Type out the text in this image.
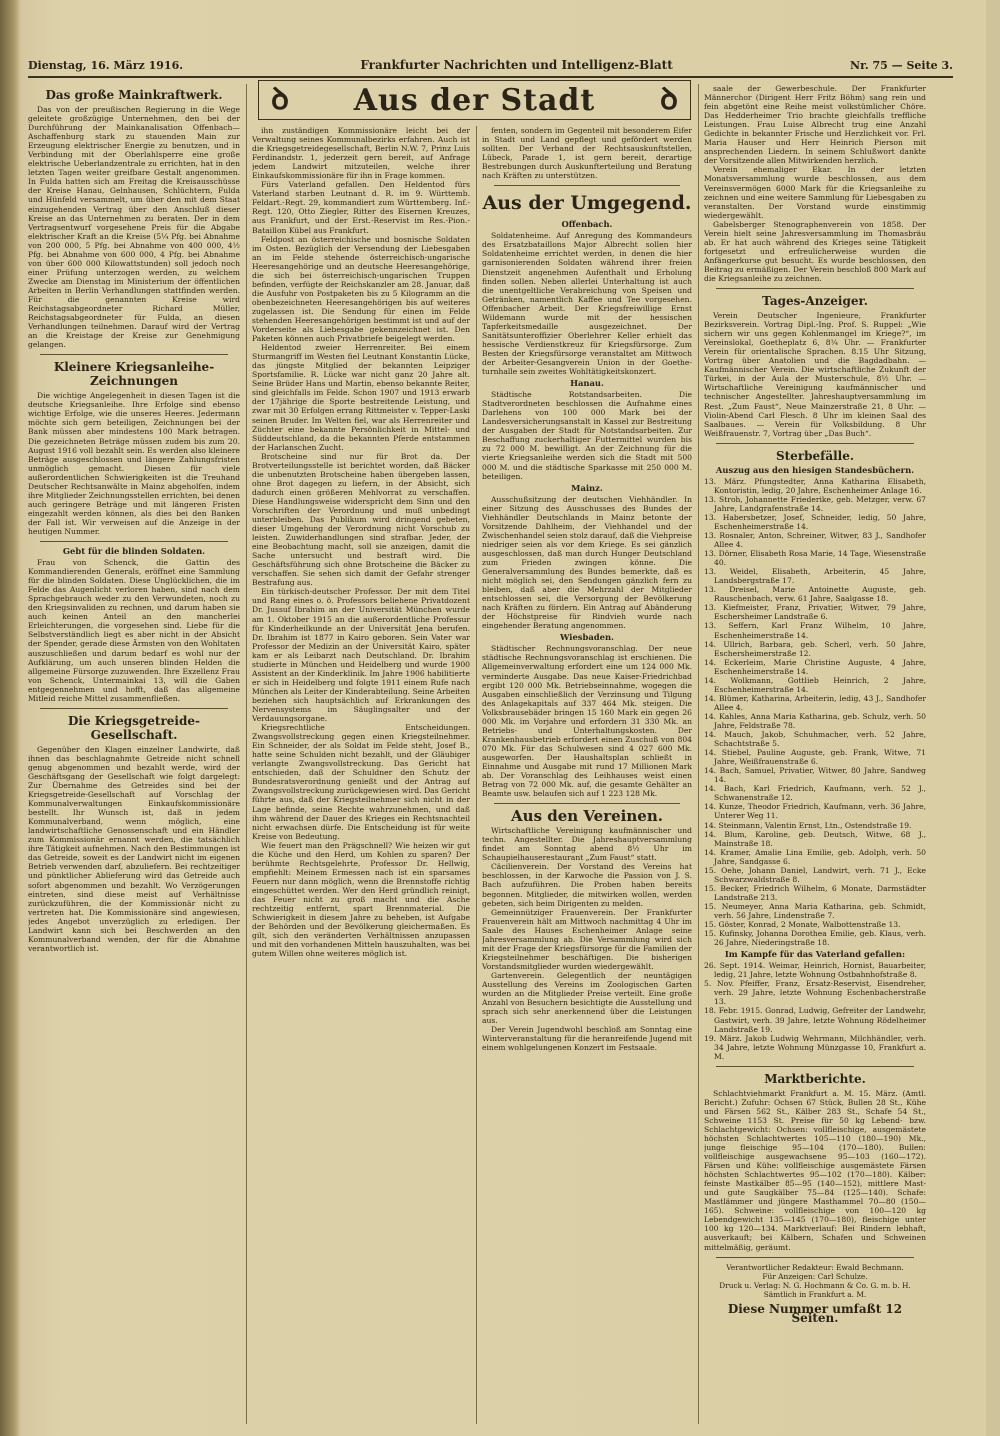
Dienstag, 16. März 1916.	Frankfurter Nachrichten und Intelligenz-Blatt	Nr. 75 — Seite 3.
ꝺ Aus der Stadt ꝺ
Das große Mainkraftwerk.

Das von der preußischen Regierung in die Wege geleitete großzügige Unternehmen, den bei der Durchführung der Mainkanalisation Offenbach—Aschaffenburg stark zu stauenden Main zur Erzeugung elektrischer Energie zu benutzen, und in Verbindung mit der Oberlahlsperre eine große elektrische Ueberlandzentrale zu errichten, hat in den letzten Tagen weiter greifbare Gestalt angenommen. In Fulda hatten sich am Freitag die Kreisausschüsse der Kreise Hanau, Gelnhausen, Schlüchtern, Fulda und Hünfeld versammelt, um über den mit dem Staat einzugehenden Vertrag über den Anschluß dieser Kreise an das Unternehmen zu beraten. Der in dem Vertragsentwurf vorgesehene Preis für die Abgabe elektrischer Kraft an die Kreise (5¼ Pfg. bei Abnahme von 200 000, 5 Pfg. bei Abnahme von 400 000, 4½ Pfg. bei Abnahme von 600 000, 4 Pfg. bei Abnahme von über 600 000 Kilowattstunden) soll jedoch noch einer Prüfung unterzogen werden, zu welchem Zwecke am Dienstag im Ministerium der öffentlichen Arbeiten in Berlin Verhandlungen stattfinden werden. Für die genannten Kreise wird Reichstagsabgeordneter Richard Müller, Reichstagsabgeordneter für Fulda, an diesen Verhandlungen teilnehmen. Darauf wird der Vertrag an die Kreistage der Kreise zur Genehmigung gelangen.

Kleinere Kriegsanleihe-Zeichnungen

Die wichtige Angelegenheit in diesen Tagen ist die deutsche Kriegsanleihe. Ihre Erfolge sind ebenso wichtige Erfolge, wie die unseres Heeres. Jedermann möchte sich gern beteiligen, Zeichnungen bei der Bank müssen aber mindestens 100 Mark betragen. Die gezeichneten Beträge müssen zudem bis zum 20. August 1916 voll bezahlt sein. Es werden also kleinere Beträge ausgeschlossen und längere Zahlungsfristen unmöglich gemacht. Diesen für viele außerordentlichen Schwierigkeiten ist die Treuhand Deutscher Rechtsanwälte in Mainz abgeholfen, indem ihre Mitglieder Zeichnungsstellen errichten, bei denen auch geringere Beträge und mit längeren Fristen eingezahlt werden können, als dies bei den Banken der Fall ist. Wir verweisen auf die Anzeige in der heutigen Nummer.

Gebt für die blinden Soldaten.

Frau von Schenck, die Gattin des Kommandierenden Generals, eröffnet eine Sammlung für die blinden Soldaten. Diese Unglücklichen, die im Felde das Augenlicht verloren haben, sind nach dem Sprachgebrauch weder zu den Verwundeten, noch zu den Kriegsinvaliden zu rechnen, und darum haben sie auch keinen Anteil an den mancherlei Erleichterungen, die vorgesehen sind. Liebe für die Selbstverständlich liegt es aber nicht in der Absicht der Spender, gerade diese Ärmsten von den Wohltaten auszuschließen und darum bedarf es wohl nur der Aufklärung, um auch unseren blinden Helden die allgemeine Fürsorge zuzuwenden. Ihre Exzellenz Frau von Schenck, Untermainkai 13, will die Gaben entgegennehmen und hofft, daß das allgemeine Mitleid reiche Mittel zusammenfließen.

Die Kriegsgetreide-Gesellschaft.

Gegenüber den Klagen einzelner Landwirte, daß ihnen das beschlagnahmte Getreide nicht schnell genug abgenommen und bezahlt werde, wird der Geschäftsgang der Gesellschaft wie folgt dargelegt: Zur Übernahme des Getreides sind bei der Kriegsgetreide-Gesellschaft auf Vorschlag der Kommunalverwaltungen Einkaufskommissionäre bestellt. Ihr Wunsch ist, daß in jedem Kommunalverband, wenn möglich, eine landwirtschaftliche Genossenschaft und ein Händler zum Kommissionär ernannt werden, die tatsächlich ihre Tätigkeit aufnehmen. Nach den Bestimmungen ist das Getreide, soweit es der Landwirt nicht im eigenen Betrieb verwenden darf, abzuliefern. Bei rechtzeitiger und pünktlicher Ablieferung wird das Getreide auch sofort abgenommen und bezahlt. Wo Verzögerungen eintreten, sind diese meist auf Verhältnisse zurückzuführen, die der Kommissionär nicht zu vertreten hat. Die Kommissionäre sind angewiesen, jedes Angebot unverzüglich zu erledigen. Der Landwirt kann sich bei Beschwerden an den Kommunalverband wenden, der für die Abnahme verantwortlich ist.

ihn zuständigen Kommissionäre leicht bei der Verwaltung seines Kommunalbezirks erfahren. Auch ist die Kriegsgetreidegesellschaft, Berlin N.W. 7, Prinz Luis Ferdinandstr. 1, jederzeit gern bereit, auf Anfrage jedem Landwirt mitzuteilen, welche ihrer Einkaufskommissionäre für ihn in Frage kommen.

Fürs Vaterland gefallen. Den Heldentod fürs Vaterland starben Leutnant d. R. im 9. Württemb. Feldart.-Regt. 29, kommandiert zum Württemberg. Inf.-Regt. 120, Otto Ziegler, Ritter des Eisernen Kreuzes, aus Frankfurt, und der Erst.-Reservist im Res.-Pion.-Bataillon Kübel aus Frankfurt.

Feldpost an österreichische und bosnische Soldaten im Osten. Bezüglich der Versendung der Liebesgaben an im Felde stehende österreichisch-ungarische Heeresangehörige und an deutsche Heeresangehörige, die sich bei österreichisch-ungarischen Truppen befinden, verfügte der Reichskanzler am 28. Januar, daß die Ausfuhr von Postpaketen bis zu 5 Kilogramm an die obenbezeichneten Heeresangehörigen bis auf weiteres zugelassen ist. Die Sendung für einen im Felde stehenden Heeresangehörigen bestimmt ist und auf der Vorderseite als Liebesgabe gekennzeichnet ist. Den Paketen können auch Privatbriefe beigelegt werden.

Heldentod zweier Herrenreiter. Bei einem Sturmangriff im Westen fiel Leutnant Konstantin Lücke, das jüngste Mitglied der bekannten Leipziger Sportsfamilie. R. Lücke war nicht ganz 20 Jahre alt. Seine Brüder Hans und Martin, ebenso bekannte Reiter, sind gleichfalls im Felde. Schon 1907 und 1913 erwarb der 17jährige die Sporte bestreitende Leistung, und zwar mit 30 Erfolgen errang Rittmeister v. Tepper-Laski seinen Bruder. Im Welten fiel, war als Herrenreiter und Züchter eine bekannte Persönlichkeit in Mittel- und Süddeutschland, da die bekannten Pferde entstammen der Harlanschen Zucht.

Brotscheine sind nur für Brot da. Der Brotverteilungsstelle ist berichtet worden, daß Bäcker die unbenutzten Brotscheine haben übergeben lassen, ohne Brot dagegen zu liefern, in der Absicht, sich dadurch einen größeren Mehlvorrat zu verschaffen. Diese Handlungsweise widerspricht dem Sinn und den Vorschriften der Verordnung und muß unbedingt unterbleiben. Das Publikum wird dringend gebeten, dieser Umgehung der Verordnung nicht Vorschub zu leisten. Zuwiderhandlungen sind strafbar. Jeder, der eine Beobachtung macht, soll sie anzeigen, damit die Sache untersucht und bestraft wird. Die Geschäftsführung sich ohne Brotscheine die Bäcker zu verschaffen. Sie sehen sich damit der Gefahr strenger Bestrafung aus.

Ein türkisch-deutscher Professor. Der mit dem Titel und Rang eines o. ö. Professors beliehene Privatdozent Dr. Jussuf Ibrahim an der Universität München wurde am 1. Oktober 1915 an die außerordentliche Professur für Kinderheilkunde an der Universität Jena berufen. Dr. Ibrahim ist 1877 in Kairo geboren. Sein Vater war Professor der Medizin an der Universität Kairo, später kam er als Leibarzt nach Deutschland. Dr. Ibrahim studierte in München und Heidelberg und wurde 1900 Assistent an der Kinderklinik. Im Jahre 1906 habilitierte er sich in Heidelberg und folgte 1911 einem Rufe nach München als Leiter der Kinderabteilung. Seine Arbeiten beziehen sich hauptsächlich auf Erkrankungen des Nervensystems im Säuglingsalter und der Verdauungsorgane.

Kriegsrechtliche Entscheidungen. Zwangsvollstreckung gegen einen Kriegsteilnehmer. Ein Schneider, der als Soldat im Felde steht, Josef B., hatte seine Schulden nicht bezahlt, und der Gläubiger verlangte Zwangsvollstreckung. Das Gericht hat entschieden, daß der Schuldner den Schutz der Bundesratsverordnung genießt und der Antrag auf Zwangsvollstreckung zurückgewiesen wird. Das Gericht führte aus, daß der Kriegsteilnehmer sich nicht in der Lage befinde, seine Rechte wahrzunehmen, und daß ihm während der Dauer des Krieges ein Rechtsnachteil nicht erwachsen dürfe. Die Entscheidung ist für weite Kreise von Bedeutung.

Wie feuert man den Prägschnell? Wie heizen wir gut die Küche und den Herd, um Kohlen zu sparen? Der berühmte Rechtsgelehrte, Professor Dr. Hellwig, empfiehlt: Meinem Ermessen nach ist ein sparsames Feuern nur dann möglich, wenn die Brennstoffe richtig eingeschüttet werden. Wer den Herd gründlich reinigt, das Feuer nicht zu groß macht und die Asche rechtzeitig entfernt, spart Brennmaterial. Die Schwierigkeit in diesem Jahre zu beheben, ist Aufgabe der Behörden und der Bevölkerung gleichermaßen. Es gilt, sich den veränderten Verhältnissen anzupassen und mit den vorhandenen Mitteln hauszuhalten, was bei gutem Willen ohne weiteres möglich ist.

fenten, sondern im Gegenteil mit besonderem Eifer in Stadt und Land gepflegt und gefördert werden sollten. Der Verband der Rechtsauskunftstellen, Lübeck, Parade 1, ist gern bereit, derartige Bestrebungen durch Auskunfterteilung und Beratung nach Kräften zu unterstützen.

Aus der Umgegend.
Offenbach.

Soldatenheime. Auf Anregung des Kommandeurs des Ersatzbataillons Major Albrecht sollen hier Soldatenheime errichtet werden, in denen die hier garnisonierenden Soldaten während ihrer freien Dienstzeit angenehmen Aufenthalt und Erholung finden sollen. Neben allerlei Unterhaltung ist auch die unentgeltliche Verabreichung von Speisen und Getränken, namentlich Kaffee und Tee vorgesehen. Offenbacher Arbeit. Der Kriegsfreiwillige Ernst Wildemann wurde mit der hessischen Tapferkeitsmedaille ausgezeichnet. Der Sanitätsunteroffizier Oberlehrer Keller erhielt das hessische Verdienstkreuz für Kriegsfürsorge. Zum Besten der Kriegsfürsorge veranstaltet am Mittwoch der Arbeiter-Gesangverein Union in der Goethe-turnhalle sein zweites Wohltätigkeitskonzert.

Hanau.

Städtische Rotstandsarbeiten. Die Stadtverordneten beschlossen die Aufnahme eines Darlehens von 100 000 Mark bei der Landesversicherungsanstalt in Kassel zur Bestreitung der Ausgaben der Stadt für Notstandsarbeiten. Zur Beschaffung zuckerhaltiger Futtermittel wurden bis zu 72 000 M. bewilligt. An der Zeichnung für die vierte Kriegsanleihe werden sich die Stadt mit 500 000 M. und die städtische Sparkasse mit 250 000 M. beteiligen.

Mainz.

Ausschußsitzung der deutschen Viehhändler. In einer Sitzung des Ausschusses des Bundes der Viehhändler Deutschlands in Mainz betonte der Vorsitzende Dahlheim, der Viehhandel und der Zwischenhandel seien stolz darauf, daß die Viehpreise niedriger seien als vor dem Kriege. Es sei gänzlich ausgeschlossen, daß man durch Hunger Deutschland zum Frieden zwingen könne. Die Generalversammlung des Bundes bemerkte, daß es nicht möglich sei, den Sendungen gänzlich fern zu bleiben, daß aber die Mehrzahl der Mitglieder entschlossen sei, die Versorgung der Bevölkerung nach Kräften zu fördern. Ein Antrag auf Abänderung der Höchstpreise für Rindvieh wurde nach eingehender Beratung angenommen.

Wiesbaden.

Städtischer Rechnungsvoranschlag. Der neue städtische Rechnungsvoranschlag ist erschienen. Die Allgemeinverwaltung erfordert eine um 124 000 Mk. verminderte Ausgabe. Das neue Kaiser-Friedrichbad ergibt 120 000 Mk. Betriebseinnahme, wogegen die Ausgaben einschließlich der Verzinsung und Tilgung des Anlagekapitals auf 337 464 Mk. steigen. Die Volksbrausebäder bringen 15 160 Mark ein gegen 26 000 Mk. im Vorjahre und erfordern 31 330 Mk. an Betriebs- und Unterhaltungskosten. Der Krankenhausbetrieb erfordert einen Zuschuß von 804 070 Mk. Für das Schulwesen sind 4 027 600 Mk. ausgeworfen. Der Haushaltsplan schließt in Einnahme und Ausgabe mit rund 17 Millionen Mark ab. Der Voranschlag des Leihhauses weist einen Betrag von 72 000 Mk. auf, die gesamte Gehälter an Beamte usw. belaufen sich auf 1 223 128 Mk.

Aus den Vereinen.

Wirtschaftliche Vereinigung kaufmännischer und techn. Angestellter. Die Jahreshauptversammlung findet am Sonntag abend 8½ Uhr im Schaupielhauserestaurant „Zum Faust“ statt.

Cäcilienverein. Der Vorstand des Vereins hat beschlossen, in der Karwoche die Passion von J. S. Bach aufzuführen. Die Proben haben bereits begonnen. Mitglieder, die mitwirken wollen, werden gebeten, sich beim Dirigenten zu melden.

Gemeinnütziger Frauenverein. Der Frankfurter Frauenverein hält am Mittwoch nachmittag 4 Uhr im Saale des Hauses Eschenheimer Anlage seine Jahresversammlung ab. Die Versammlung wird sich mit der Frage der Kriegsfürsorge für die Familien der Kriegsteilnehmer beschäftigen. Die bisherigen Vorstandsmitglieder wurden wiedergewählt.

Gartenverein. Gelegentlich der neuntägigen Ausstellung des Vereins im Zoologischen Garten wurden an die Mitglieder Preise verteilt. Eine große Anzahl von Besuchern besichtigte die Ausstellung und sprach sich sehr anerkennend über die Leistungen aus.

Der Verein Jugendwohl beschloß am Sonntag eine Winterveranstaltung für die heranreifende Jugend mit einem wohlgelungenen Konzert im Festsaale.

saale der Gewerbeschule. Der Frankfurter Männerchor (Dirigent Herr Fritz Böhm) sang rein und fein abgetönt eine Reihe meist volkstümlicher Chöre. Das Hedderheimer Trio brachte gleichfalls treffliche Leistungen. Frau Luise Albrecht trug eine Anzahl Gedichte in bekannter Frische und Herzlichkeit vor. Frl. Maria Hauser und Herr Heinrich Pierson mit ansprechenden Liedern. In seinem Schlußwort dankte der Vorsitzende allen Mitwirkenden herzlich.

Verein ehemaliger Ekar. In der letzten Monatsversammlung wurde beschlossen, aus dem Vereinsvermögen 6000 Mark für die Kriegsanleihe zu zeichnen und eine weitere Sammlung für Liebesgaben zu veranstalten. Der Vorstand wurde einstimmig wiedergewählt.

Gabelsberger Stenographenverein von 1858. Der Verein hielt seine Jahresversammlung im Thomasbräu ab. Er hat auch während des Krieges seine Tätigkeit fortgesetzt und erfreulicherweise wurden die Anfängerkurse gut besucht. Es wurde beschlossen, den Beitrag zu ermäßigen. Der Verein beschloß 800 Mark auf die Kriegsanleihe zu zeichnen.

Tages-Anzeiger.

Verein Deutscher Ingenieure, Frankfurter Bezirksverein. Vortrag Dipl.-Ing. Prof. S. Ruppel: „Wie sichern wir uns gegen Kohlenmangel im Kriege?“, im Vereinslokal, Goetheplatz 6, 8¼ Uhr. — Frankfurter Verein für orientalische Sprachen. 8.15 Uhr Sitzung, Vortrag über Anatolien und die Bagdadbahn. — Kaufmännischer Verein. Die wirtschaftliche Zukunft der Türkei, in der Aula der Musterschule, 8½ Uhr. — Wirtschaftliche Vereinigung kaufmännischer und technischer Angestellter. Jahreshauptversammlung im Rest. „Zum Faust“, Neue Mainzerstraße 21, 8 Uhr. — Violin-Abend Carl Flesch. 8 Uhr im kleinen Saal des Saalbaues. — Verein für Volksbildung. 8 Uhr Weißfrauenstr. 7, Vortrag über „Das Buch“.

Sterbefälle.
Auszug aus den hiesigen Standesbüchern.

13. März. Pfungstedter, Anna Katharina Elisabeth, Kontoristin, ledig, 20 Jahre, Eschenheimer Anlage 16.

13. Stroh, Johannette Friederike, geb. Metzger, verw. 67 Jahre, Landgrafenstraße 14.

13. Habersbetzer, Josef, Schneider, ledig, 50 Jahre, Eschenheimerstraße 14.

13. Rosnaler, Anton, Schreiner, Witwer, 83 J., Sandhofer Allee 4.

13. Dörner, Elisabeth Rosa Marie, 14 Tage, Wiesenstraße 40.

13. Weidel, Elisabeth, Arbeiterin, 45 Jahre, Landsbergstraße 17.

13. Dreisel, Marie Antoinette Auguste, geb. Rauschenbach, verw. 61 Jahre, Saalgasse 18.

13. Kiefmeister, Franz, Privatier, Witwer, 79 Jahre, Eschersheimer Landstraße 6.

13. Seffern, Karl Franz Wilhelm, 10 Jahre, Eschenheimerstraße 14.

14. Ullrich, Barbara, geb. Scherl, verh. 50 Jahre, Eschersheimerstraße 12.

14. Eckerleim, Marie Christine Auguste, 4 Jahre, Eschenheimerstraße 14.

14. Wolkmann, Gottlieb Heinrich, 2 Jahre, Eschenheimerstraße 14.

14. Blümer, Katharina, Arbeiterin, ledig, 43 J., Sandhofer Allee 4.

14. Kahles, Anna Maria Katharina, geb. Schulz, verh. 50 Jahre, Feldstraße 78.

14. Mauch, Jakob, Schuhmacher, verh. 52 Jahre, Schachtstraße 5.

14. Stiebel, Pauline Auguste, geb. Frank, Witwe, 71 Jahre, Weißfrauenstraße 6.

14. Bach, Samuel, Privatier, Witwer, 80 Jahre, Sandweg 14.

14. Bach, Karl Friedrich, Kaufmann, verh. 52 J., Schwanenstraße 12.

14. Kunze, Theodor Friedrich, Kaufmann, verh. 36 Jahre, Unterer Weg 11.

14. Steinmann, Valentin Ernst, Ltn., Ostendstraße 19.

14. Blum, Karoline, geb. Deutsch, Witwe, 68 J., Mainstraße 18.

14. Kramer, Amalie Lina Emilie, geb. Adolph, verh. 50 Jahre, Sandgasse 6.

15. Oehe, Johann Daniel, Landwirt, verh. 71 J., Ecke Schwarzwaldstraße 8.

15. Becker, Friedrich Wilhelm, 6 Monate, Darmstädter Landstraße 213.

15. Neumeyer, Anna Maria Katharina, geb. Schmidt, verh. 56 Jahre, Lindenstraße 7.

15. Göster, Konrad, 2 Monate, Walbottenstraße 13.

15. Kufinsky, Johanna Dorothea Emilie, geb. Klaus, verh. 26 Jahre, Niederingstraße 18.

Im Kampfe für das Vaterland gefallen:

26. Sept. 1914. Weimar, Heinrich, Hornist, Bauarbeiter, ledig, 21 Jahre, letzte Wohnung Ostbahnhofstraße 8.

5. Nov. Pfeiffer, Franz, Ersatz-Reservist, Eisendreher, verh. 29 Jahre, letzte Wohnung Eschenbacherstraße 13.

18. Febr. 1915. Gonrad, Ludwig, Gefreiter der Landwehr, Gastwirt, verh. 39 Jahre, letzte Wohnung Rödelheimer Landstraße 19.

19. März. Jakob Ludwig Wehrmann, Milchhändler, verh. 34 Jahre, letzte Wohnung Münzgasse 10, Frankfurt a. M.

Marktberichte.

Schlachtviehmarkt Frankfurt a. M. 15. März. (Amtl. Bericht.) Zufuhr: Ochsen 67 Stück, Bullen 28 St., Kühe und Färsen 562 St., Kälber 283 St., Schafe 54 St., Schweine 1153 St. Preise für 50 kg Lebend- bzw. Schlachtgewicht: Ochsen: vollfleischige, ausgemästete höchsten Schlachtwertes 105—110 (180—190) Mk., junge fleischige 95—104 (170—180). Bullen: vollfleischige ausgewachsene 95—103 (160—172). Färsen und Kühe: vollfleischige ausgemästete Färsen höchsten Schlachtwertes 95—102 (170—180). Kälber: feinste Mastkälber 85—95 (140—152), mittlere Mast- und gute Saugkälber 75—84 (125—140). Schafe: Mastlämmer und jüngere Masthammel 70—80 (150—165). Schweine: vollfleischige von 100—120 kg Lebendgewicht 135—145 (170—180), fleischige unter 100 kg 120—134. Marktverlauf: Bei Rindern lebhaft, ausverkauft; bei Kälbern, Schafen und Schweinen mittelmäßig, geräumt.

Verantwortlicher Redakteur: Ewald Bechmann.
Für Anzeigen: Carl Schulze.
Druck u. Verlag: N. G. Hochmann & Co. G. m. b. H. Sämtlich in Frankfurt a. M.
Diese Nummer umfaßt 12 Seiten.
